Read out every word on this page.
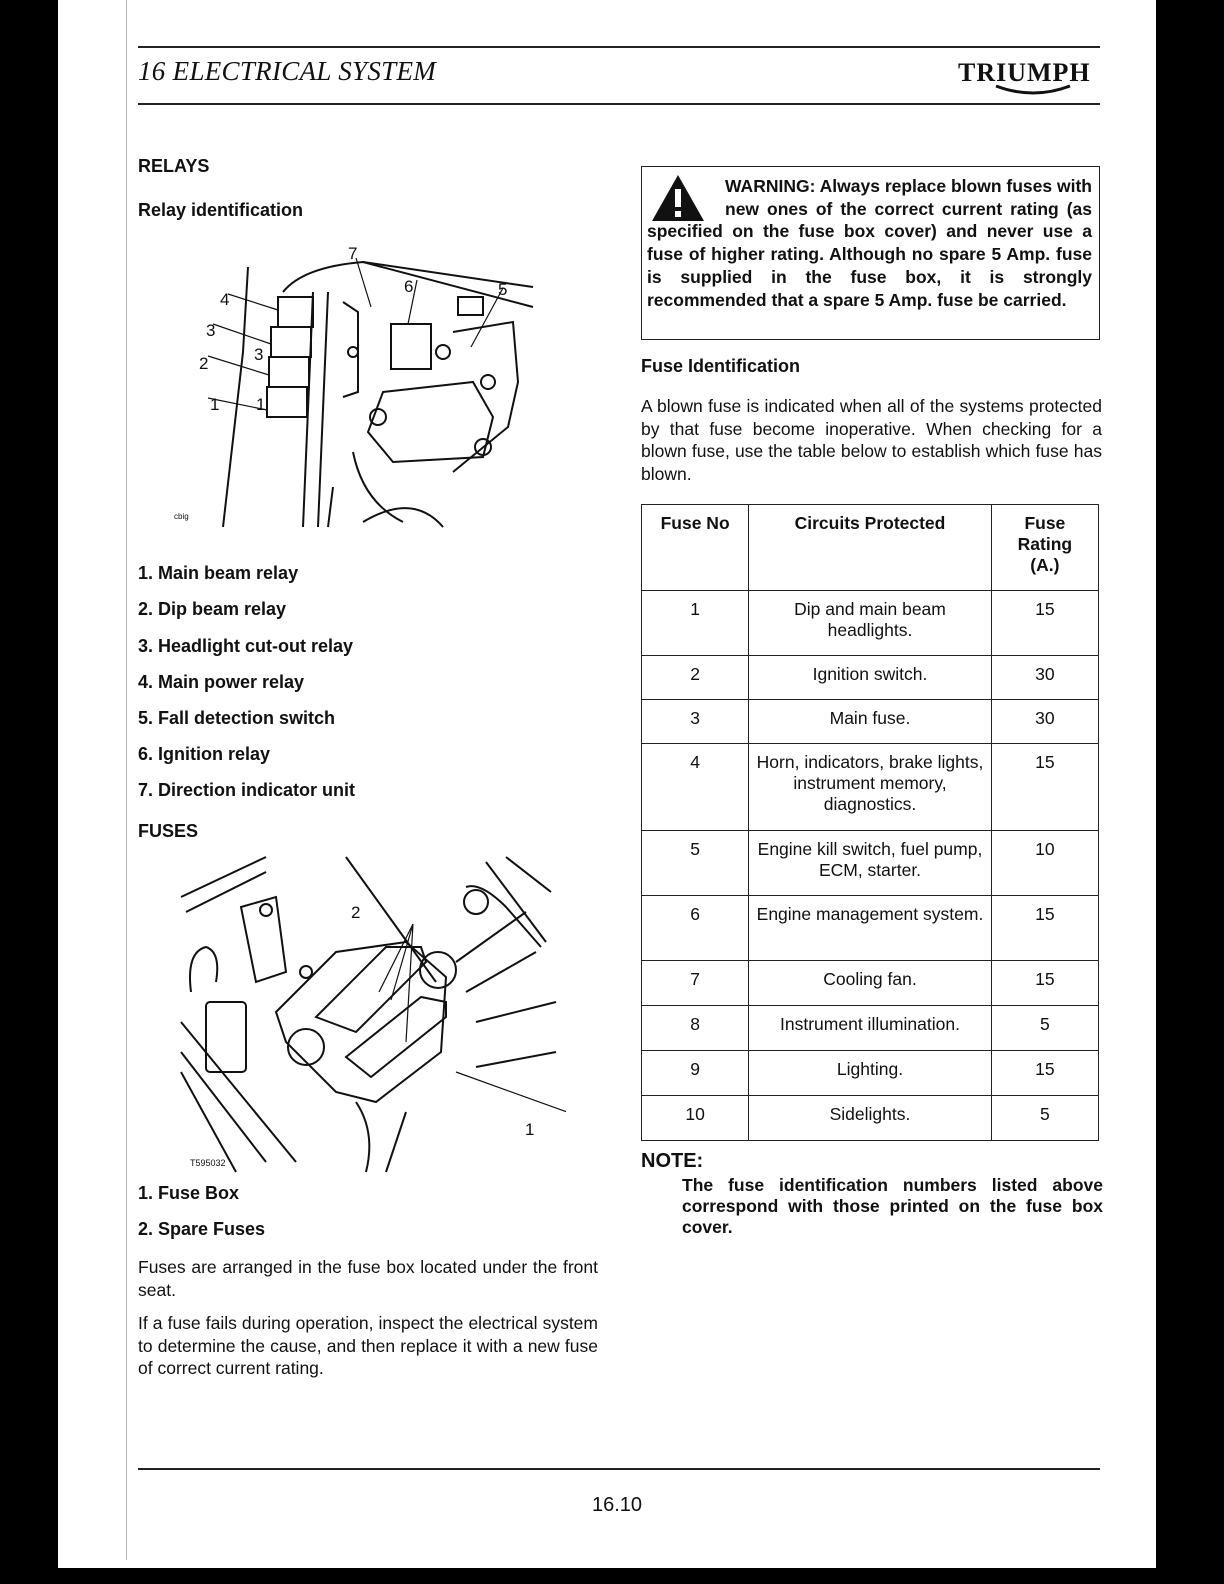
16 ELECTRICAL SYSTEM	TRIUMPH
RELAYS
Relay identification
3
1
1
2
3
4
5
6
7
cbig
1. Main beam relay
2. Dip beam relay
3. Headlight cut-out relay
4. Main power relay
5. Fall detection switch
6. Ignition relay
7. Direction indicator unit
FUSES
2
1
T595032
1. Fuse Box
2. Spare Fuses
Fuses are arranged in the fuse box located under the front seat.
If a fuse fails during operation, inspect the electrical system to determine the cause, and then replace it with a new fuse of correct current rating.
WARNING: Always replace blown fuses with new ones of the correct current rating (as specified on the fuse box cover) and never use a fuse of higher rating. Although no spare 5 Amp. fuse is supplied in the fuse box, it is strongly recommended that a spare 5 Amp. fuse be carried.
Fuse Identification
A blown fuse is indicated when all of the systems protected by that fuse become inoperative. When checking for a blown fuse, use the table below to establish which fuse has blown.
Fuse No	Circuits Protected	Fuse Rating (A.)
1	Dip and main beam headlights.	15
2	Ignition switch.	30
3	Main fuse.	30
4	Horn, indicators, brake lights, instrument memory, diagnostics.	15
5	Engine kill switch, fuel pump, ECM, starter.	10
6	Engine management system.	15
7	Cooling fan.	15
8	Instrument illumination.	5
9	Lighting.	15
10	Sidelights.	5
NOTE:
The fuse identification numbers listed above correspond with those printed on the fuse box cover.
16.10
